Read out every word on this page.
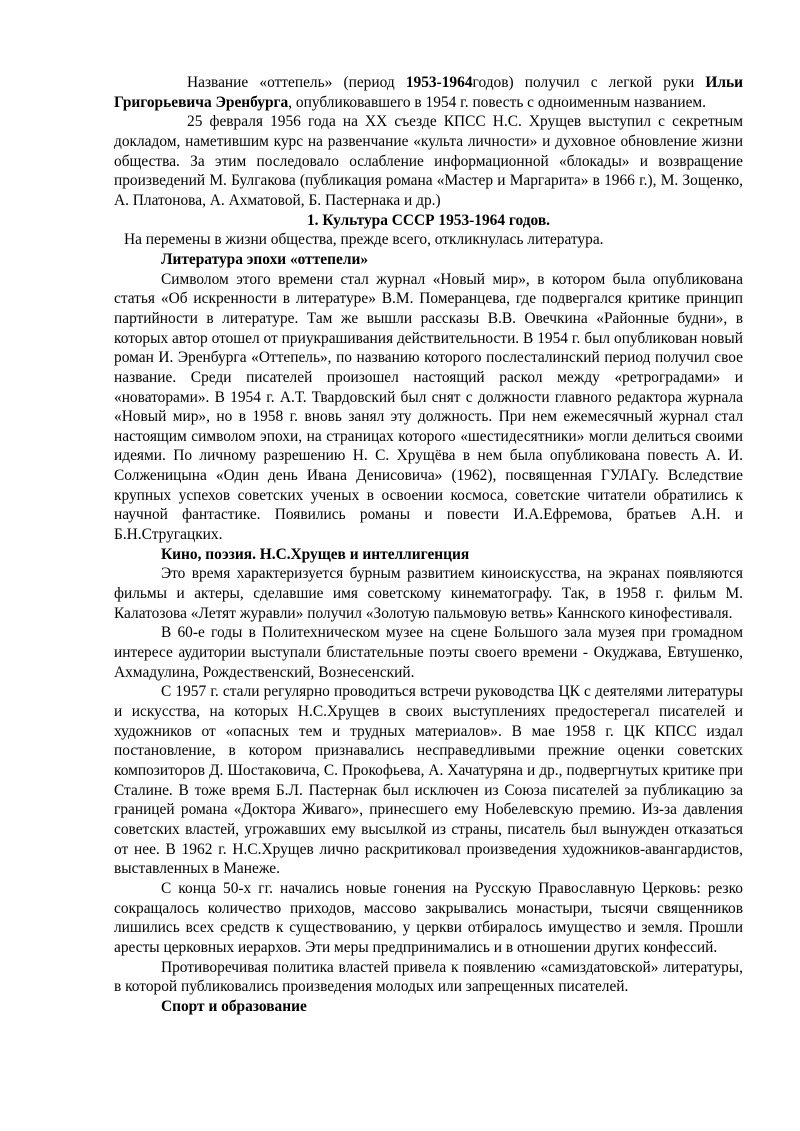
Название «оттепель» (период 1953-1964годов) получил с легкой руки Ильи Григорьевича Эренбурга, опубликовавшего в 1954 г. повесть с одноименным названием.

25 февраля 1956 года на XX съезде КПСС Н.С. Хрущев выступил с секретным докладом, наметившим курс на развенчание «культа личности» и духовное обновление жизни общества. За этим последовало ослабление информационной «блокады» и возвращение произведений М. Булгакова (публикация романа «Мастер и Маргарита» в 1966 г.), М. Зощенко, А. Платонова, А. Ахматовой, Б. Пастернака и др.)

1. Культура СССР 1953-1964 годов.

На перемены в жизни общества, прежде всего, откликнулась литература.

Литература эпохи «оттепели»

Символом этого времени стал журнал «Новый мир», в котором была опубликована статья «Об искренности в литературе» В.М. Померанцева, где подвергался критике принцип партийности в литературе. Там же вышли рассказы В.В. Овечкина «Районные будни», в которых автор отошел от приукрашивания действительности. В 1954 г. был опубликован новый роман И. Эренбурга «Оттепель», по названию которого послесталинский период получил свое название. Среди писателей произошел настоящий раскол между «ретроградами» и «новаторами». В 1954 г. А.Т. Твардовский был снят с должности главного редактора журнала «Новый мир», но в 1958 г. вновь занял эту должность. При нем ежемесячный журнал стал настоящим символом эпохи, на страницах которого «шестидесятники» могли делиться своими идеями. По личному разрешению Н. С. Хрущёва в нем была опубликована повесть А. И. Солженицына «Один день Ивана Денисовича» (1962), посвященная ГУЛАГу. Вследствие крупных успехов советских ученых в освоении космоса, советские читатели обратились к научной фантастике. Появились романы и повести И.А.Ефремова, братьев А.Н. и Б.Н.Стругацких.

Кино, поэзия. Н.С.Хрущев и интеллигенция

Это время характеризуется бурным развитием киноискусства, на экранах появляются фильмы и актеры, сделавшие имя советскому кинематографу. Так, в 1958 г. фильм М. Калатозова «Летят журавли» получил «Золотую пальмовую ветвь» Каннского кинофестиваля.

В 60-е годы в Политехническом музее на сцене Большого зала музея при громадном интересе аудитории выступали блистательные поэты своего времени - Окуджава, Евтушенко, Ахмадулина, Рождественский, Вознесенский.

С 1957 г. стали регулярно проводиться встречи руководства ЦК с деятелями литературы и искусства, на которых Н.С.Хрущев в своих выступлениях предостерегал писателей и художников от «опасных тем и трудных материалов». В мае 1958 г. ЦК КПСС издал постановление, в котором признавались несправедливыми прежние оценки советских композиторов Д. Шостаковича, С. Прокофьева, А. Хачатуряна и др., подвергнутых критике при Сталине. В тоже время Б.Л. Пастернак был исключен из Союза писателей за публикацию за границей романа «Доктора Живаго», принесшего ему Нобелевскую премию. Из-за давления советских властей, угрожавших ему высылкой из страны, писатель был вынужден отказаться от нее. В 1962 г. Н.С.Хрущев лично раскритиковал произведения художников-авангардистов, выставленных в Манеже.

С конца 50-х гг. начались новые гонения на Русскую Православную Церковь: резко сокращалось количество приходов, массово закрывались монастыри, тысячи священников лишились всех средств к существованию, у церкви отбиралось имущество и земля. Прошли аресты церковных иерархов. Эти меры предпринимались и в отношении других конфессий.

Противоречивая политика властей привела к появлению «самиздатовской» литературы, в которой публиковались произведения молодых или запрещенных писателей.

Спорт и образование
